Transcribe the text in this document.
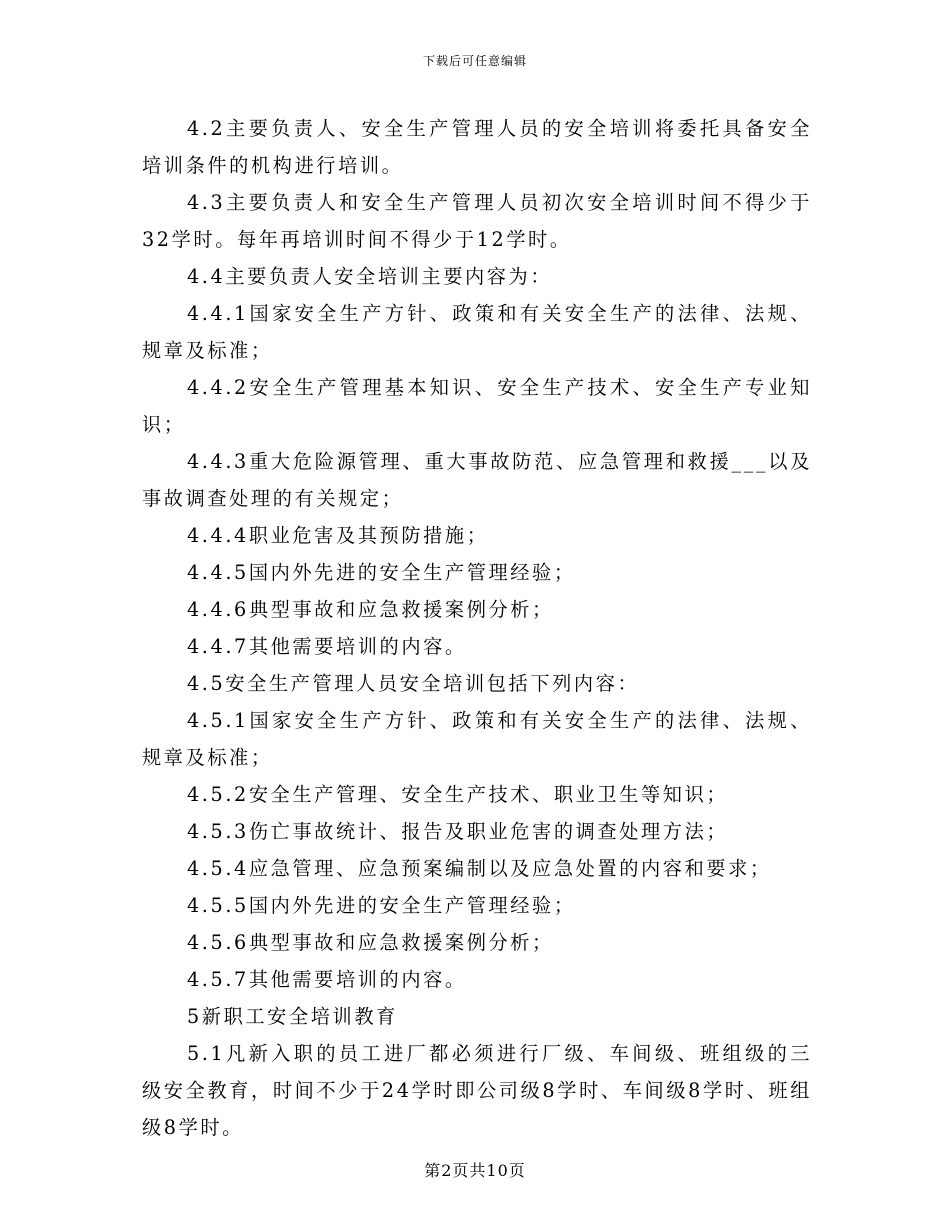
下载后可任意编辑

4.2主要负责人、安全生产管理人员的安全培训将委托具备安全培训条件的机构进行培训。

4.3主要负责人和安全生产管理人员初次安全培训时间不得少于32学时。每年再培训时间不得少于12学时。

4.4主要负责人安全培训主要内容为：

4.4.1国家安全生产方针、政策和有关安全生产的法律、法规、规章及标准；

4.4.2安全生产管理基本知识、安全生产技术、安全生产专业知识；

4.4.3重大危险源管理、重大事故防范、应急管理和救援___以及事故调查处理的有关规定；

4.4.4职业危害及其预防措施；

4.4.5国内外先进的安全生产管理经验；

4.4.6典型事故和应急救援案例分析；

4.4.7其他需要培训的内容。

4.5安全生产管理人员安全培训包括下列内容：

4.5.1国家安全生产方针、政策和有关安全生产的法律、法规、规章及标准；

4.5.2安全生产管理、安全生产技术、职业卫生等知识；

4.5.3伤亡事故统计、报告及职业危害的调查处理方法；

4.5.4应急管理、应急预案编制以及应急处置的内容和要求；

4.5.5国内外先进的安全生产管理经验；

4.5.6典型事故和应急救援案例分析；

4.5.7其他需要培训的内容。

5新职工安全培训教育

5.1凡新入职的员工进厂都必须进行厂级、车间级、班组级的三级安全教育，时间不少于24学时即公司级8学时、车间级8学时、班组级8学时。

第2页共10页
